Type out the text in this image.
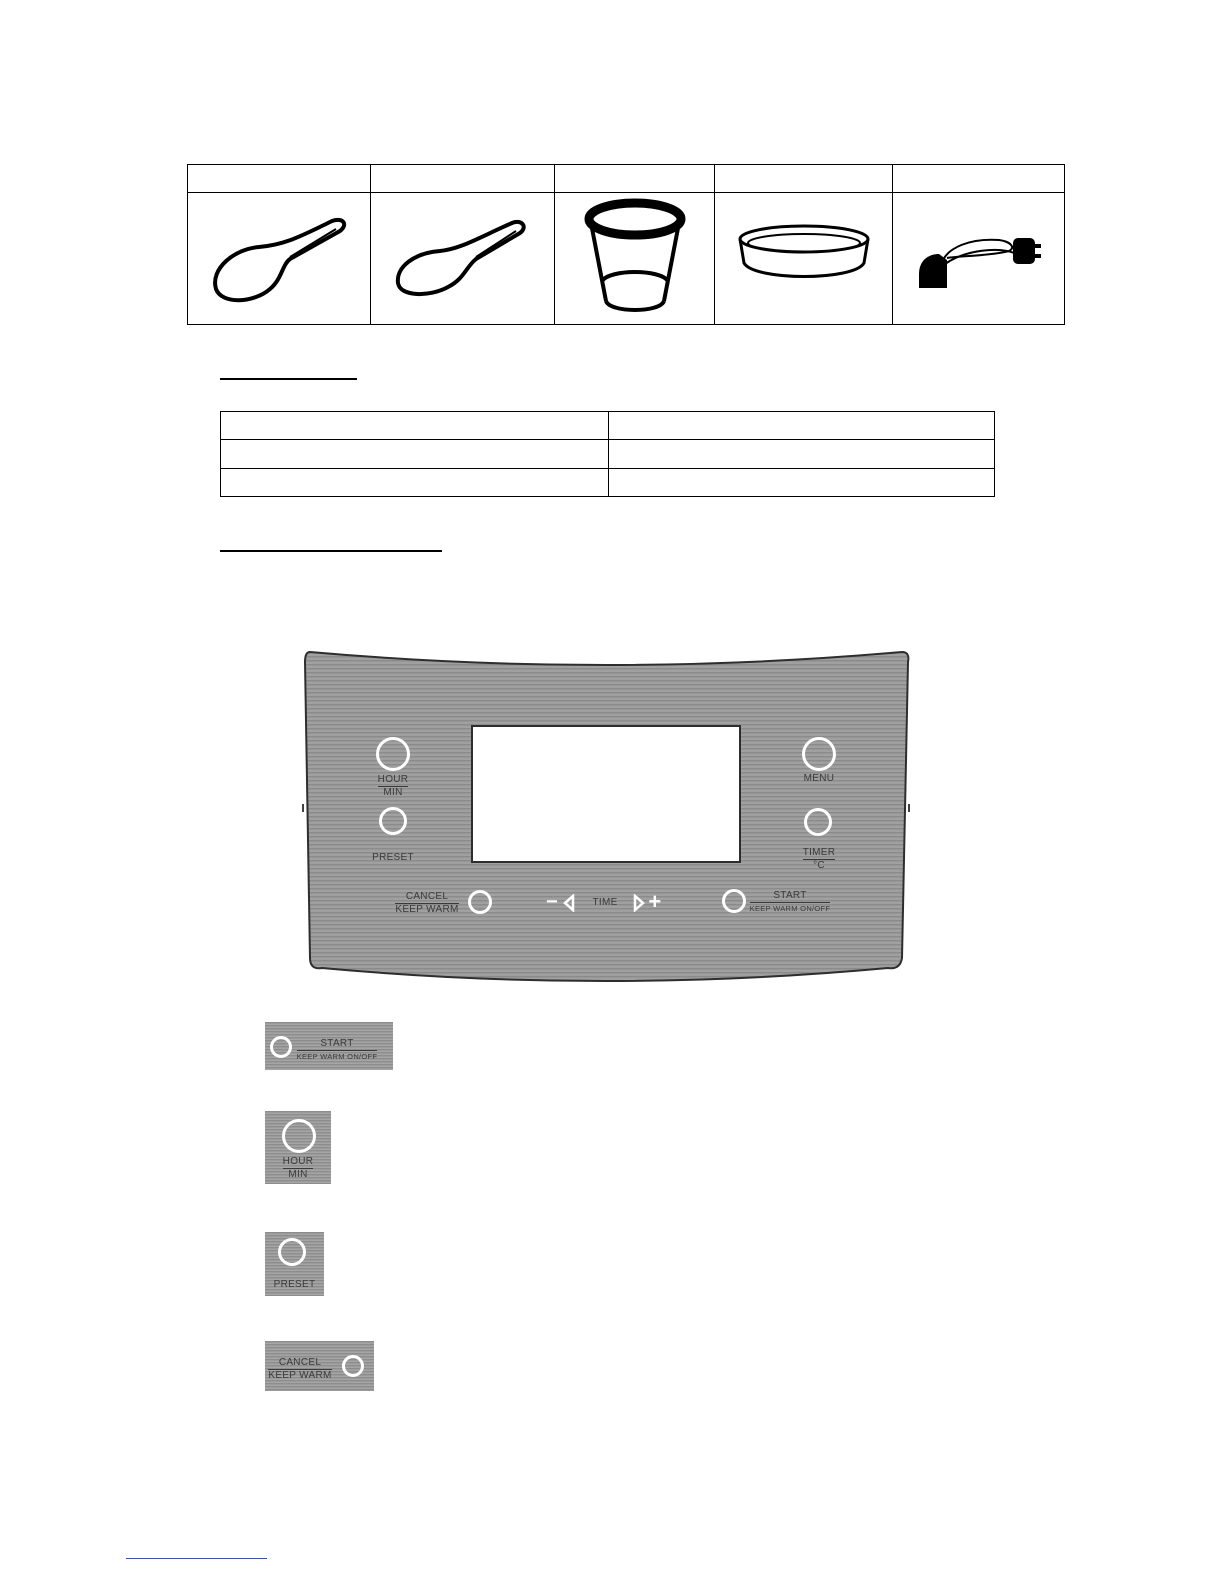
$\frac{\text{HOUR}}{\text{MIN}}$
PRESET
MENU
$\frac{\text{TIMER}}{^\circ C}$
$\frac{\text{CANCEL}}{\text{KEEP WARM}}$	−	TIME +	$\frac{\text{START}}{\text{KEEP WARM ON/OFF}}$
$\frac{\text{START}}{\text{KEEP WARM ON/OFF}}$
$\frac{\text{HOUR}}{\text{MIN}}$
PRESET
$\frac{\text{CANCEL}}{\text{KEEP WARM}}$
